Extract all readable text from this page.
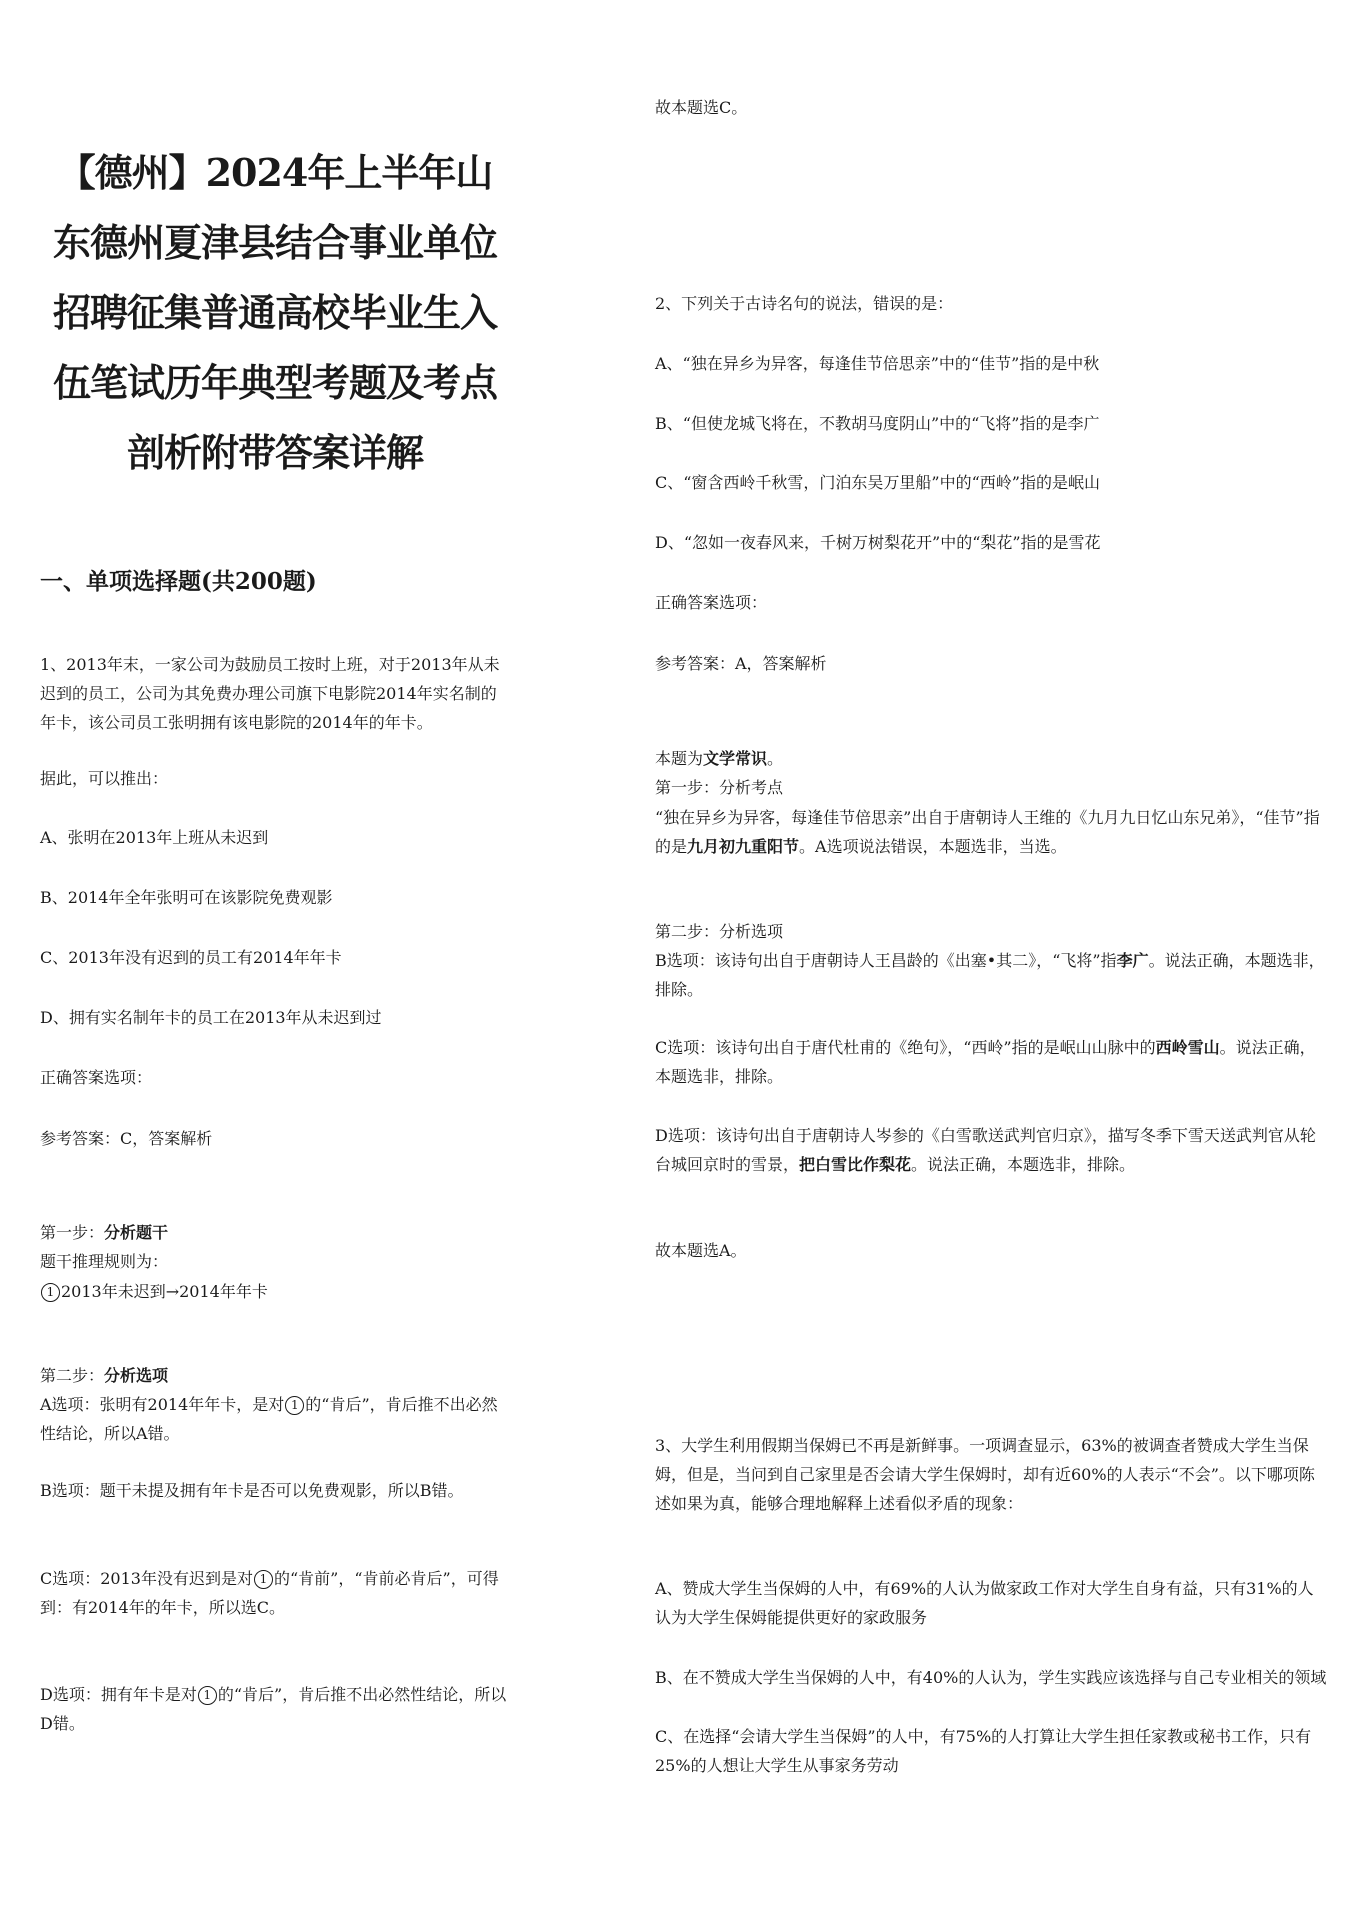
【德州】2024年上半年山东德州夏津县结合事业单位招聘征集普通高校毕业生入伍笔试历年典型考题及考点剖析附带答案详解
一、单项选择题(共200题)

1、2013年末，一家公司为鼓励员工按时上班，对于2013年从未迟到的员工，公司为其免费办理公司旗下电影院2014年实名制的年卡，该公司员工张明拥有该电影院的2014年的年卡。

据此，可以推出：

A、张明在2013年上班从未迟到

B、2014年全年张明可在该影院免费观影

C、2013年没有迟到的员工有2014年年卡

D、拥有实名制年卡的员工在2013年从未迟到过

正确答案选项：

参考答案：C，答案解析

第一步：分析题干

题干推理规则为：

1 2013年未迟到→2014年年卡

第二步：分析选项

A选项：张明有2014年年卡，是对 1 的“肯后”，肯后推不出必然性结论，所以A错。

B选项：题干未提及拥有年卡是否可以免费观影，所以B错。

C选项：2013年没有迟到是对 1 的“肯前”，“肯前必肯后”，可得到：有2014年的年卡，所以选C。

D选项：拥有年卡是对 1 的“肯后”，肯后推不出必然性结论，所以D错。

故本题选C。

2、下列关于古诗名句的说法，错误的是：

A、“独在异乡为异客，每逢佳节倍思亲”中的“佳节”指的是中秋

B、“但使龙城飞将在，不教胡马度阴山”中的“飞将”指的是李广

C、“窗含西岭千秋雪，门泊东吴万里船”中的“西岭”指的是岷山

D、“忽如一夜春风来，千树万树梨花开”中的“梨花”指的是雪花

正确答案选项：

参考答案：A，答案解析

本题为文学常识。

第一步：分析考点

“独在异乡为异客，每逢佳节倍思亲”出自于唐朝诗人王维的《九月九日忆山东兄弟》，“佳节”指的是九月初九重阳节。A选项说法错误，本题选非，当选。

第二步：分析选项

B选项：该诗句出自于唐朝诗人王昌龄的《出塞•其二》，“飞将”指李广。说法正确，本题选非，排除。

C选项：该诗句出自于唐代杜甫的《绝句》，“西岭”指的是岷山山脉中的西岭雪山。说法正确，本题选非，排除。

D选项：该诗句出自于唐朝诗人岑参的《白雪歌送武判官归京》，描写冬季下雪天送武判官从轮台城回京时的雪景，把白雪比作梨花。说法正确，本题选非，排除。

故本题选A。

3、大学生利用假期当保姆已不再是新鲜事。一项调查显示，63%的被调查者赞成大学生当保姆，但是，当问到自己家里是否会请大学生保姆时，却有近60%的人表示“不会”。以下哪项陈述如果为真，能够合理地解释上述看似矛盾的现象：

A、赞成大学生当保姆的人中，有69%的人认为做家政工作对大学生自身有益，只有31%的人认为大学生保姆能提供更好的家政服务

B、在不赞成大学生当保姆的人中，有40%的人认为，学生实践应该选择与自己专业相关的领域

C、在选择“会请大学生当保姆”的人中，有75%的人打算让大学生担任家教或秘书工作，只有25%的人想让大学生从事家务劳动
